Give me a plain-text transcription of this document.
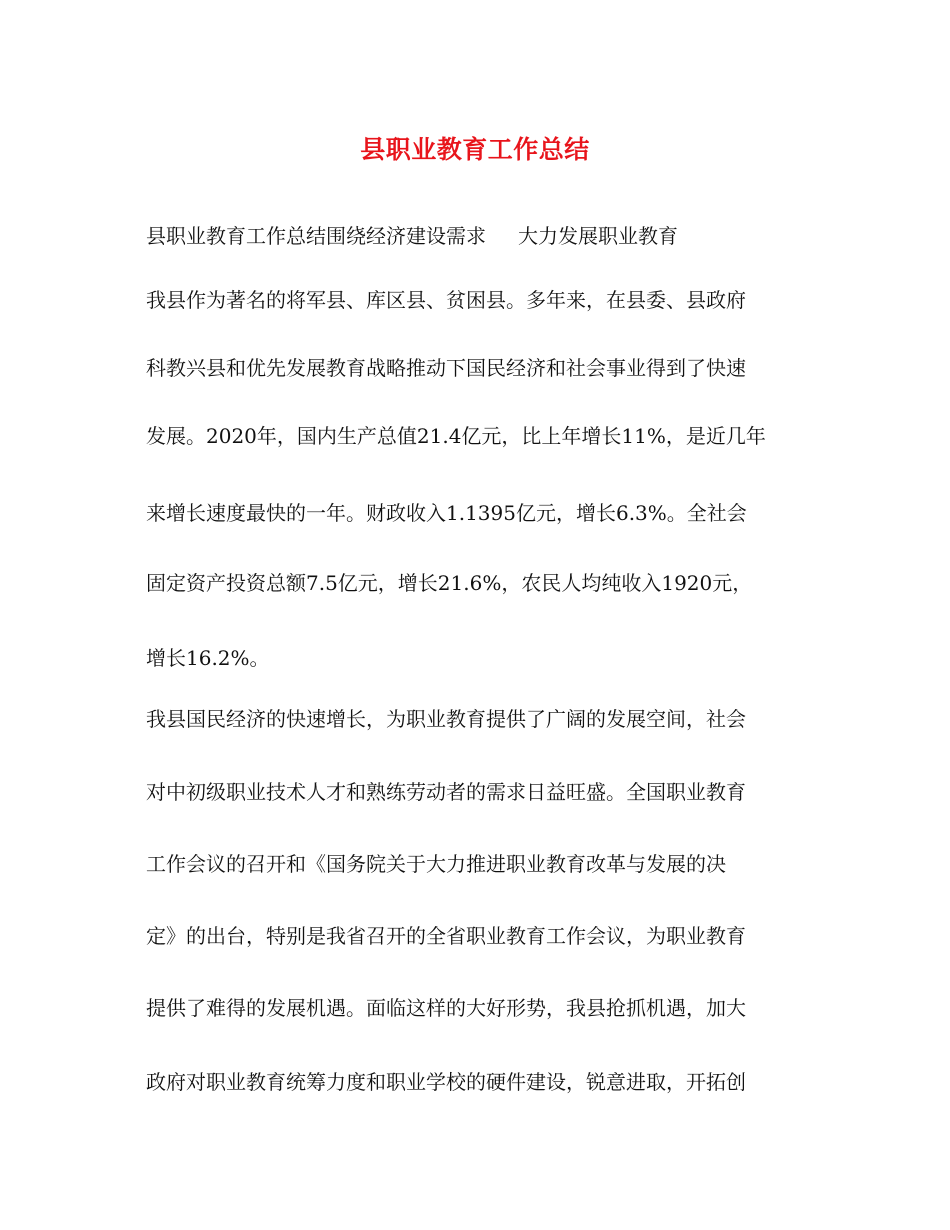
县职业教育工作总结
县职业教育工作总结围绕经济建设需求 大力发展职业教育
我县作为著名的将军县、库区县、贫困县。多年来，在县委、县政府
科教兴县和优先发展教育战略推动下国民经济和社会事业得到了快速
发展。2020年，国内生产总值21.4亿元，比上年增长11%，是近几年
来增长速度最快的一年。财政收入1.1395亿元，增长6.3%。全社会
固定资产投资总额7.5亿元，增长21.6%，农民人均纯收入1920元，
增长16.2%。
我县国民经济的快速增长，为职业教育提供了广阔的发展空间，社会
对中初级职业技术人才和熟练劳动者的需求日益旺盛。全国职业教育
工作会议的召开和《国务院关于大力推进职业教育改革与发展的决
定》的出台，特别是我省召开的全省职业教育工作会议，为职业教育
提供了难得的发展机遇。面临这样的大好形势，我县抢抓机遇，加大
政府对职业教育统筹力度和职业学校的硬件建设，锐意进取，开拓创
